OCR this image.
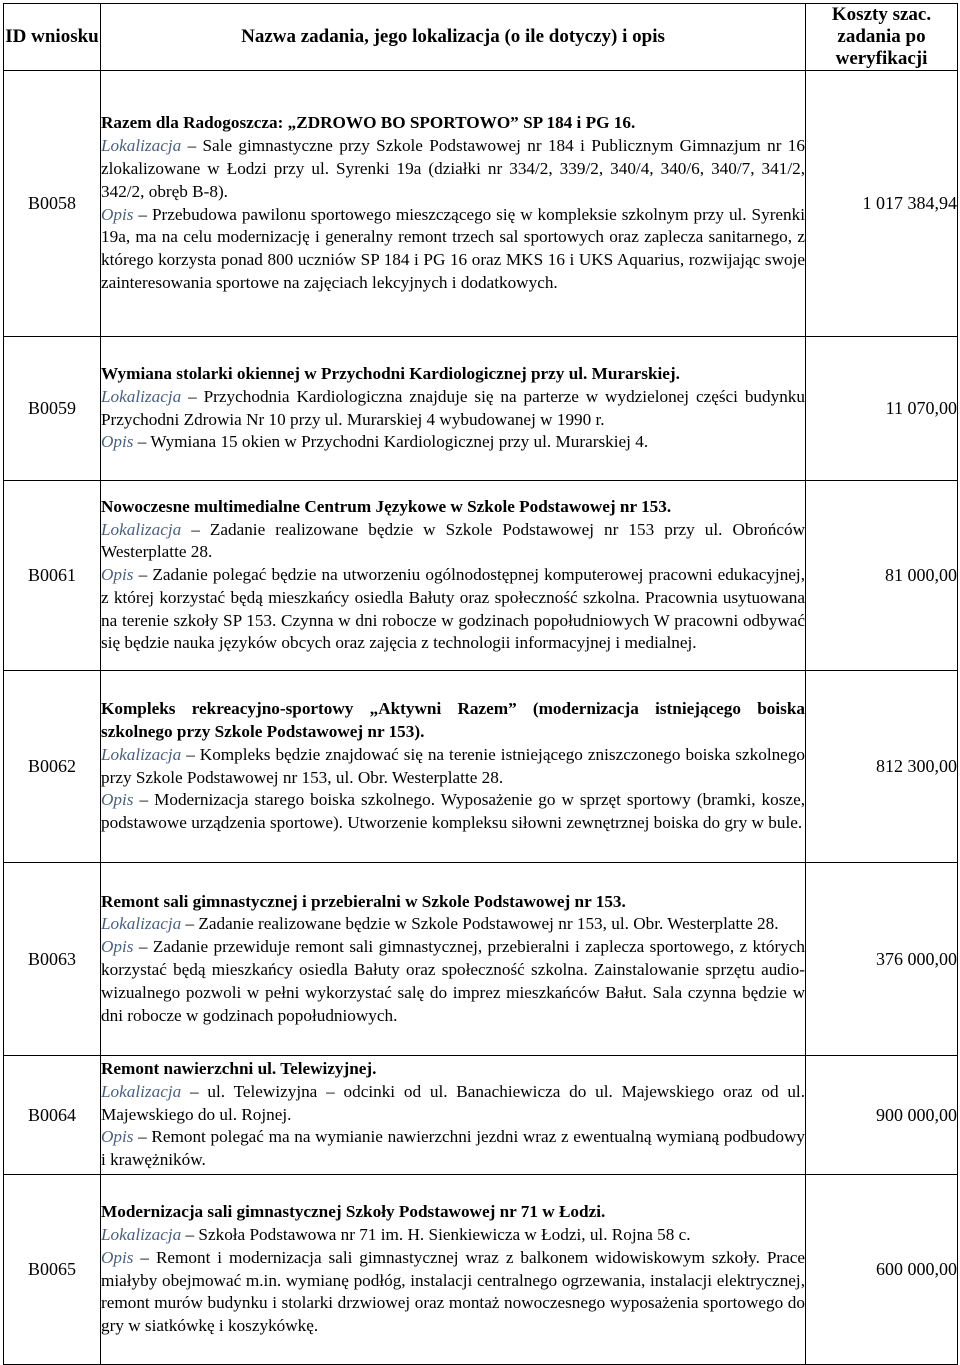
ID wniosku	Nazwa zadania, jego lokalizacja (o ile dotyczy) i opis	Koszty szac. zadania po weryfikacji
B0058	Razem dla Radogoszcza: „ZDROWO BO SPORTOWO” SP 184 i PG 16.

Lokalizacja – Sale gimnastyczne przy Szkole Podstawowej nr 184 i Publicznym Gimnazjum nr 16 zlokalizowane w Łodzi przy ul. Syrenki 19a (działki nr 334/2, 339/2, 340/4, 340/6, 340/7, 341/2, 342/2, obręb B-8).

Opis – Przebudowa pawilonu sportowego mieszczącego się w kompleksie szkolnym przy ul. Syrenki 19a, ma na celu modernizację i generalny remont trzech sal sportowych oraz zaplecza sanitarnego, z którego korzysta ponad 800 uczniów SP 184 i PG 16 oraz MKS 16 i UKS Aquarius, rozwijając swoje zainteresowania sportowe na zajęciach lekcyjnych i dodatkowych.	1 017 384,94
B0059	Wymiana stolarki okiennej w Przychodni Kardiologicznej przy ul. Murarskiej.

Lokalizacja – Przychodnia Kardiologiczna znajduje się na parterze w wydzielonej części budynku Przychodni Zdrowia Nr 10 przy ul. Murarskiej 4 wybudowanej w 1990 r.

Opis – Wymiana 15 okien w Przychodni Kardiologicznej przy ul. Murarskiej 4.	11 070,00
B0061	Nowoczesne multimedialne Centrum Językowe w Szkole Podstawowej nr 153.

Lokalizacja – Zadanie realizowane będzie w Szkole Podstawowej nr 153 przy ul. Obrońców Westerplatte 28.

Opis – Zadanie polegać będzie na utworzeniu ogólnodostępnej komputerowej pracowni edukacyjnej, z której korzystać będą mieszkańcy osiedla Bałuty oraz społeczność szkolna. Pracownia usytuowana na terenie szkoły SP 153. Czynna w dni robocze w godzinach popołudniowych W pracowni odbywać się będzie nauka języków obcych oraz zajęcia z technologii informacyjnej i medialnej.	81 000,00
B0062	Kompleks rekreacyjno-sportowy „Aktywni Razem” (modernizacja istniejącego boiska szkolnego przy Szkole Podstawowej nr 153).

Lokalizacja – Kompleks będzie znajdować się na terenie istniejącego zniszczonego boiska szkolnego przy Szkole Podstawowej nr 153, ul. Obr. Westerplatte 28.

Opis – Modernizacja starego boiska szkolnego. Wyposażenie go w sprzęt sportowy (bramki, kosze, podstawowe urządzenia sportowe). Utworzenie kompleksu siłowni zewnętrznej boiska do gry w bule.	812 300,00
B0063	Remont sali gimnastycznej i przebieralni w Szkole Podstawowej nr 153.

Lokalizacja – Zadanie realizowane będzie w Szkole Podstawowej nr 153, ul. Obr. Westerplatte 28.

Opis – Zadanie przewiduje remont sali gimnastycznej, przebieralni i zaplecza sportowego, z których korzystać będą mieszkańcy osiedla Bałuty oraz społeczność szkolna. Zainstalowanie sprzętu audio-wizualnego pozwoli w pełni wykorzystać salę do imprez mieszkańców Bałut. Sala czynna będzie w dni robocze w godzinach popołudniowych.	376 000,00
B0064	Remont nawierzchni ul. Telewizyjnej.

Lokalizacja – ul. Telewizyjna – odcinki od ul. Banachiewicza do ul. Majewskiego oraz od ul. Majewskiego do ul. Rojnej.

Opis – Remont polegać ma na wymianie nawierzchni jezdni wraz z ewentualną wymianą podbudowy i krawężników.	900 000,00
B0065	Modernizacja sali gimnastycznej Szkoły Podstawowej nr 71 w Łodzi.

Lokalizacja – Szkoła Podstawowa nr 71 im. H. Sienkiewicza w Łodzi, ul. Rojna 58 c.

Opis – Remont i modernizacja sali gimnastycznej wraz z balkonem widowiskowym szkoły. Prace miałyby obejmować m.in. wymianę podłóg, instalacji centralnego ogrzewania, instalacji elektrycznej, remont murów budynku i stolarki drzwiowej oraz montaż nowoczesnego wyposażenia sportowego do gry w siatkówkę i koszykówkę.	600 000,00
